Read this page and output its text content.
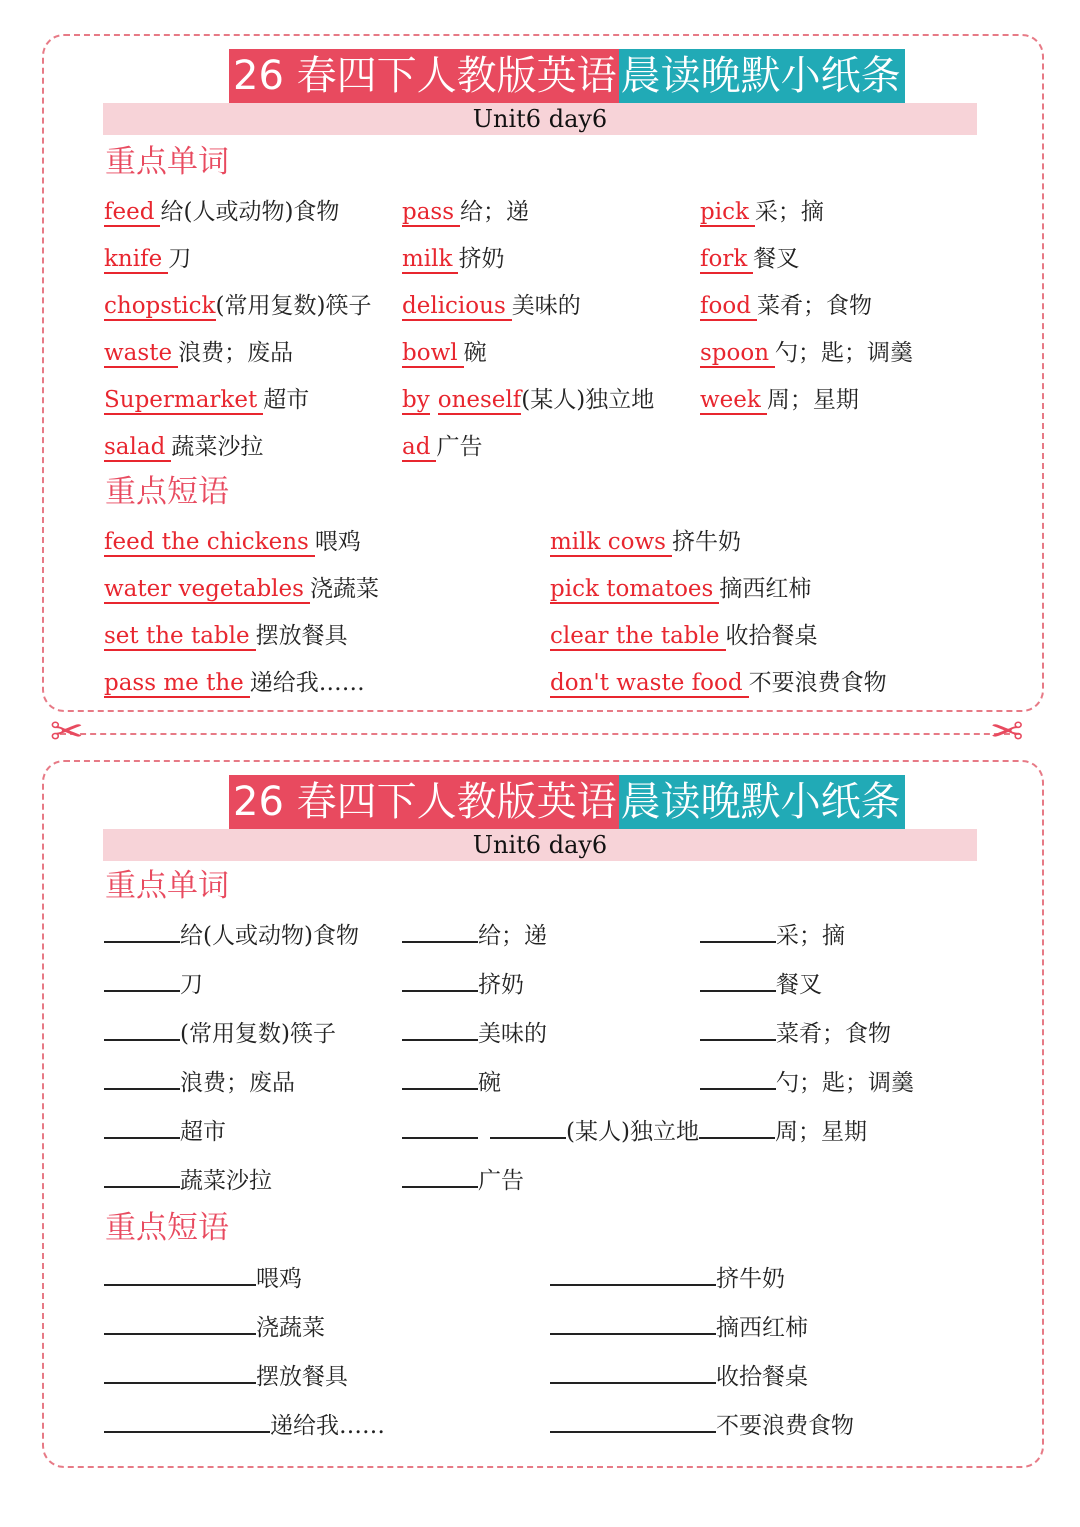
26 春四下人教版英语 晨读晚默小纸条
Unit6 day6
重点单词
feed 给(人或动物)食物	pass 给；递	pick 采；摘
knife 刀	milk 挤奶	fork 餐叉
chopstick(常用复数)筷子 delicious 美味的	food 菜肴；食物
waste 浪费；废品	bowl 碗	spoon 勺；匙；调羹
Supermarket 超市	by oneself(某人)独立地 week 周；星期
salad 蔬菜沙拉	ad 广告
重点短语
feed the chickens 喂鸡	milk cows 挤牛奶
water vegetables 浇蔬菜	pick tomatoes 摘西红柿
set the table 摆放餐具	clear the table 收拾餐桌
pass me the 递给我……	don't waste food 不要浪费食物
✂	✂
26 春四下人教版英语 晨读晚默小纸条
Unit6 day6
重点单词
给(人或动物)食物	给；递	采；摘
刀	挤奶	餐叉
(常用复数)筷子	美味的	菜肴；食物
浪费；废品	碗	勺；匙；调羹
超市	(某人)独立地	周；星期
蔬菜沙拉	广告
重点短语
喂鸡	挤牛奶
浇蔬菜	摘西红柿
摆放餐具	收拾餐桌
递给我……	不要浪费食物
